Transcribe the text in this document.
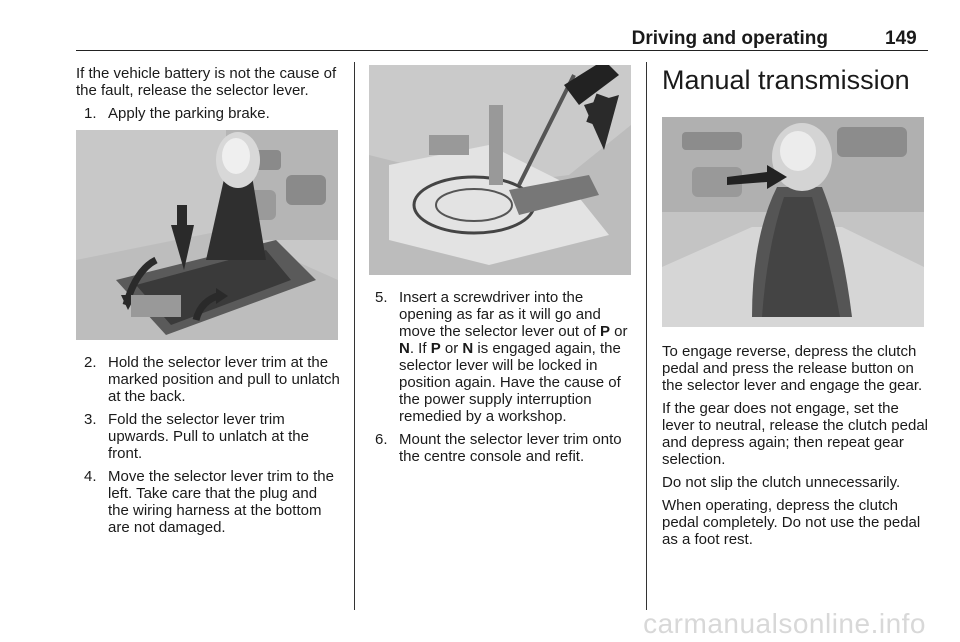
Driving and operating	149

If the vehicle battery is not the cause of the fault, release the selector lever.

1. Apply the parking brake.
2. Hold the selector lever trim at the marked position and pull to unlatch at the back.
3. Fold the selector lever trim upwards. Pull to unlatch at the front.
4. Move the selector lever trim to the left. Take care that the plug and the wiring harness at the bottom are not damaged.
5. Insert a screwdriver into the opening as far as it will go and move the selector lever out of P or N. If P or N is engaged again, the selector lever will be locked in position again. Have the cause of the power supply interruption remedied by a workshop.
6. Mount the selector lever trim onto the centre console and refit.
Manual transmission

To engage reverse, depress the clutch pedal and press the release button on the selector lever and engage the gear.

If the gear does not engage, set the lever to neutral, release the clutch pedal and depress again; then repeat gear selection.

Do not slip the clutch unnecessarily.

When operating, depress the clutch pedal completely. Do not use the pedal as a foot rest.

carmanualsonline.info
